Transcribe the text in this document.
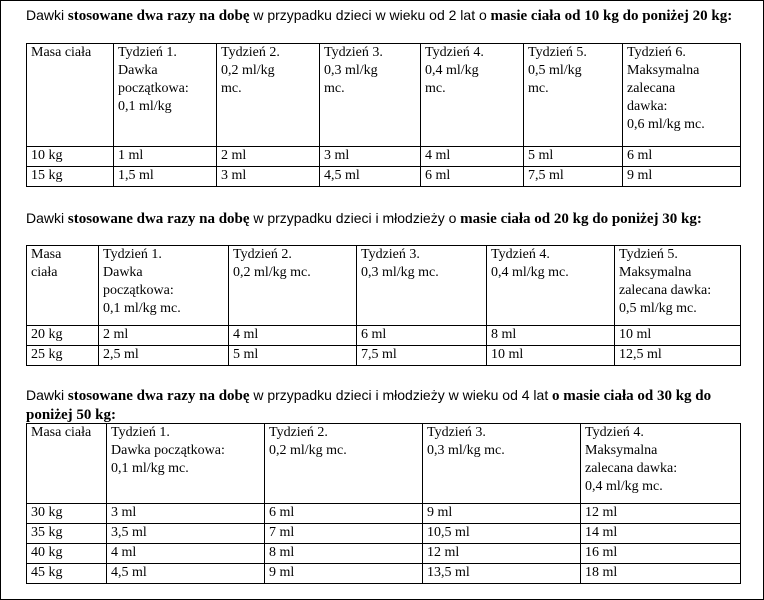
Dawki stosowane dwa razy na dobę w przypadku dzieci w wieku od 2 lat o masie ciała od 10 kg do poniżej 20 kg:
Masa ciała	Tydzień 1.
Dawka
początkowa:
0,1 ml/kg	Tydzień 2.
0,2 ml/kg
mc.	Tydzień 3.
0,3 ml/kg
mc.	Tydzień 4.
0,4 ml/kg
mc.	Tydzień 5.
0,5 ml/kg
mc.	Tydzień 6.
Maksymalna
zalecana
dawka:
0,6 ml/kg mc.

10 kg	1 ml	2 ml	3 ml	4 ml	5 ml	6 ml
15 kg	1,5 ml	3 ml	4,5 ml	6 ml	7,5 ml	9 ml
Dawki stosowane dwa razy na dobę w przypadku dzieci i młodzieży o masie ciała od 20 kg do poniżej 30 kg:
Masa
ciała	Tydzień 1.
Dawka
początkowa:
0,1 ml/kg mc.	Tydzień 2.
0,2 ml/kg mc.	Tydzień 3.
0,3 ml/kg mc.	Tydzień 4.
0,4 ml/kg mc.	Tydzień 5.
Maksymalna
zalecana dawka:
0,5 ml/kg mc.

20 kg	2 ml	4 ml	6 ml	8 ml	10 ml
25 kg	2,5 ml	5 ml	7,5 ml	10 ml	12,5 ml
Dawki stosowane dwa razy na dobę w przypadku dzieci i młodzieży w wieku od 4 lat o masie ciała od 30 kg do poniżej 50 kg:
Masa ciała	Tydzień 1.
Dawka początkowa:
0,1 ml/kg mc.	Tydzień 2.
0,2 ml/kg mc.	Tydzień 3.
0,3 ml/kg mc.	Tydzień 4.
Maksymalna
zalecana dawka:
0,4 ml/kg mc.

30 kg	3 ml	6 ml	9 ml	12 ml
35 kg	3,5 ml	7 ml	10,5 ml	14 ml
40 kg	4 ml	8 ml	12 ml	16 ml
45 kg	4,5 ml	9 ml	13,5 ml	18 ml
